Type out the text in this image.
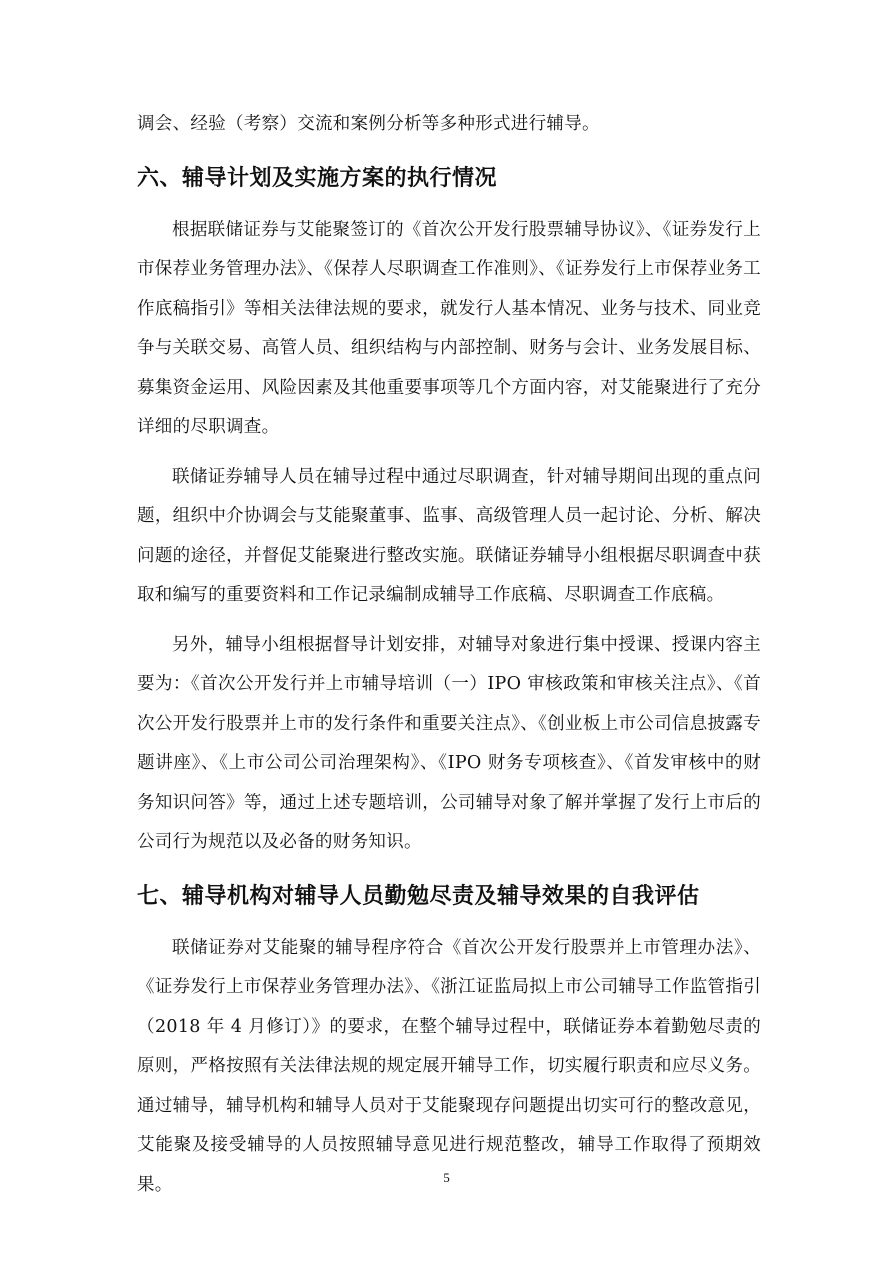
调会、经验（考察）交流和案例分析等多种形式进行辅导。

六、辅导计划及实施方案的执行情况

根据联储证券与艾能聚签订的《首次公开发行股票辅导协议》、《证券发行上市保荐业务管理办法》、《保荐人尽职调查工作准则》、《证券发行上市保荐业务工作底稿指引》等相关法律法规的要求，就发行人基本情况、业务与技术、同业竞争与关联交易、高管人员、组织结构与内部控制、财务与会计、业务发展目标、募集资金运用、风险因素及其他重要事项等几个方面内容，对艾能聚进行了充分详细的尽职调查。

联储证券辅导人员在辅导过程中通过尽职调查，针对辅导期间出现的重点问题，组织中介协调会与艾能聚董事、监事、高级管理人员一起讨论、分析、解决问题的途径，并督促艾能聚进行整改实施。联储证券辅导小组根据尽职调查中获取和编写的重要资料和工作记录编制成辅导工作底稿、尽职调查工作底稿。

另外，辅导小组根据督导计划安排，对辅导对象进行集中授课、授课内容主要为：《首次公开发行并上市辅导培训（一）IPO 审核政策和审核关注点》、《首次公开发行股票并上市的发行条件和重要关注点》、《创业板上市公司信息披露专题讲座》、《上市公司公司治理架构》、《IPO 财务专项核查》、《首发审核中的财务知识问答》等，通过上述专题培训，公司辅导对象了解并掌握了发行上市后的公司行为规范以及必备的财务知识。

七、辅导机构对辅导人员勤勉尽责及辅导效果的自我评估

联储证券对艾能聚的辅导程序符合《首次公开发行股票并上市管理办法》、《证券发行上市保荐业务管理办法》、《浙江证监局拟上市公司辅导工作监管指引（2018 年 4 月修订）》的要求，在整个辅导过程中，联储证券本着勤勉尽责的原则，严格按照有关法律法规的规定展开辅导工作，切实履行职责和应尽义务。通过辅导，辅导机构和辅导人员对于艾能聚现存问题提出切实可行的整改意见，艾能聚及接受辅导的人员按照辅导意见进行规范整改，辅导工作取得了预期效果。	5
